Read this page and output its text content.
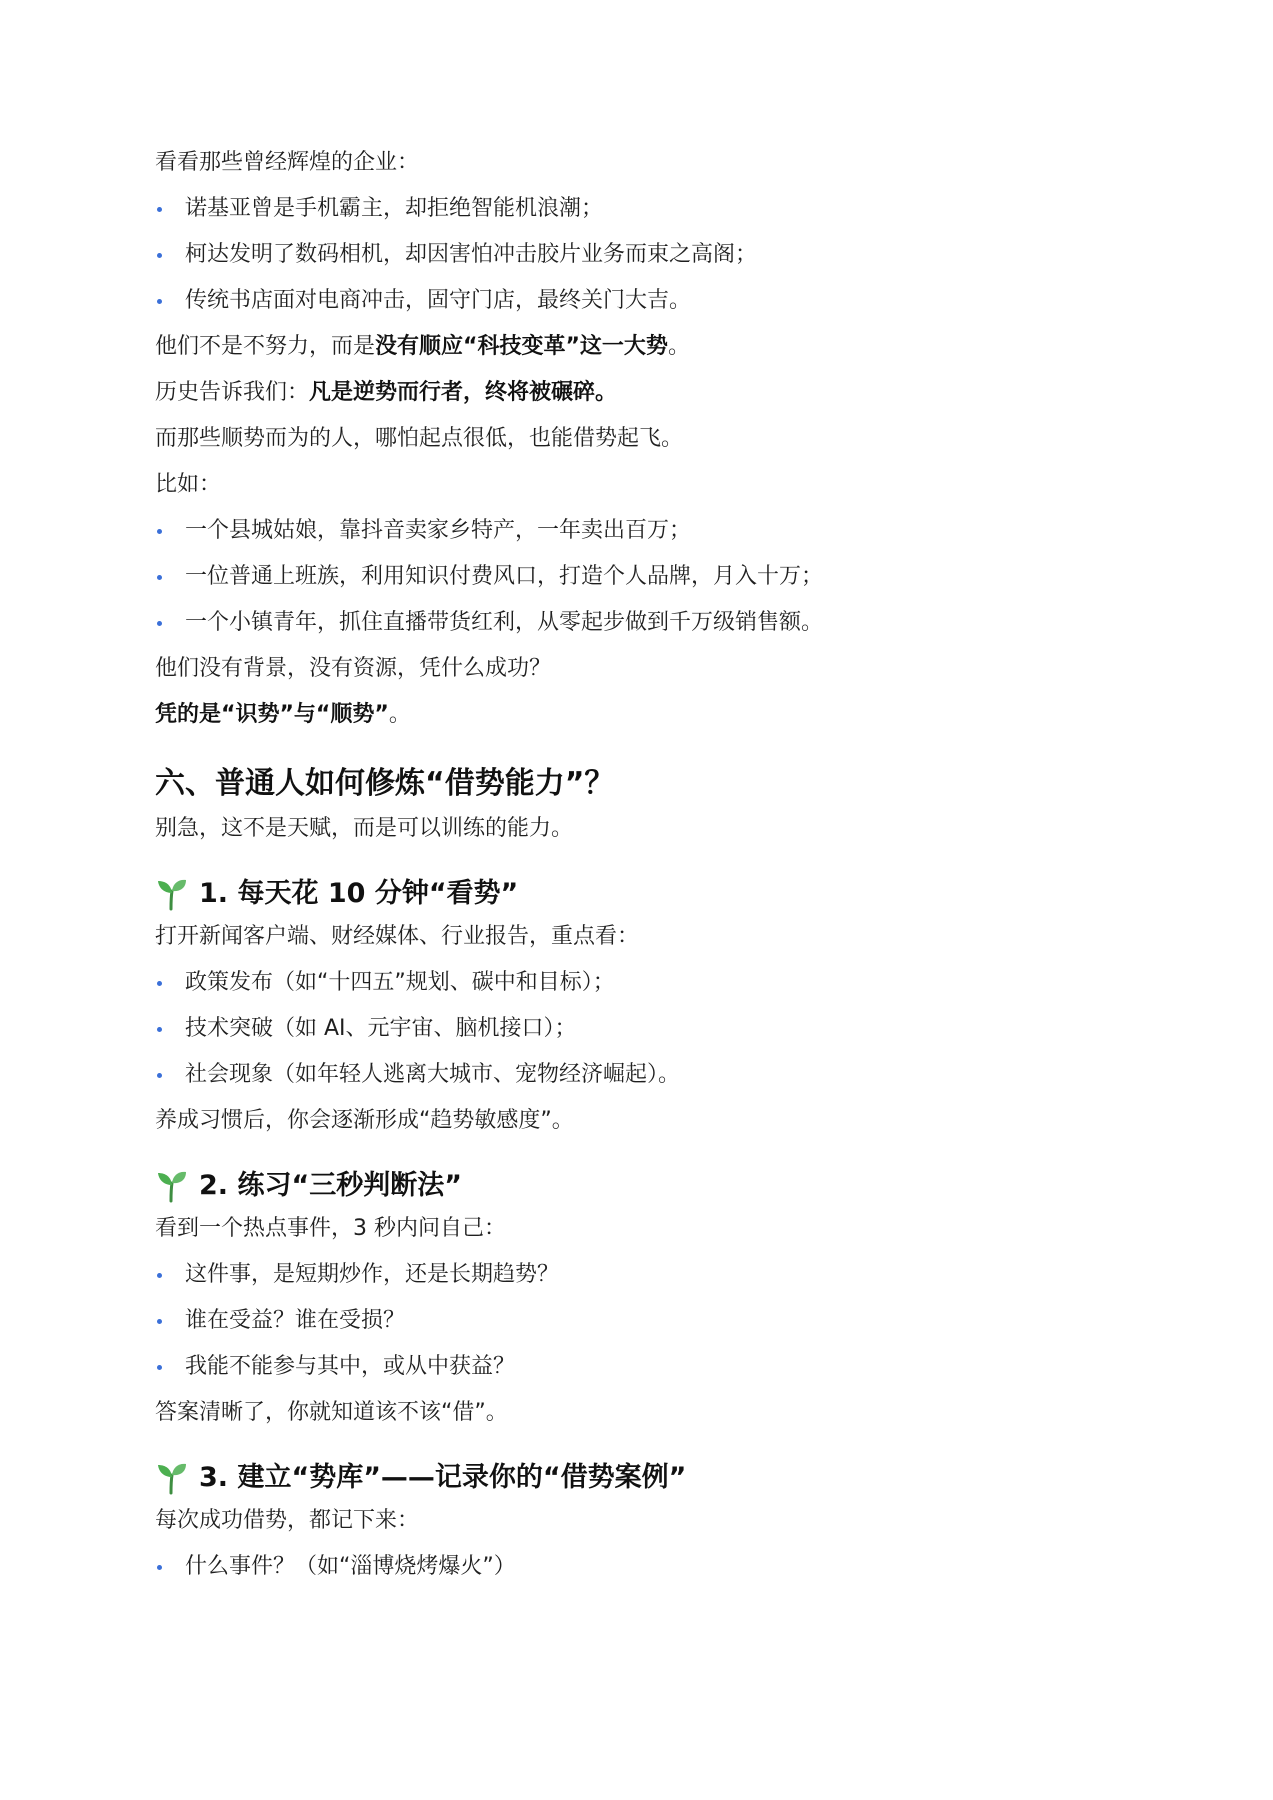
看看那些曾经辉煌的企业：

诺基亚曾是手机霸主，却拒绝智能机浪潮；

柯达发明了数码相机，却因害怕冲击胶片业务而束之高阁；

传统书店面对电商冲击，固守门店，最终关门大吉。

他们不是不努力，而是没有顺应“科技变革”这一大势。

历史告诉我们：凡是逆势而行者，终将被碾碎。

而那些顺势而为的人，哪怕起点很低，也能借势起飞。

比如：

一个县城姑娘，靠抖音卖家乡特产，一年卖出百万；

一位普通上班族，利用知识付费风口，打造个人品牌，月入十万；

一个小镇青年，抓住直播带货红利，从零起步做到千万级销售额。

他们没有背景，没有资源，凭什么成功？

凭的是“识势”与“顺势”。

六、普通人如何修炼“借势能力”？

别急，这不是天赋，而是可以训练的能力。

1. 每天花 10 分钟“看势”

打开新闻客户端、财经媒体、行业报告，重点看：

政策发布（如“十四五”规划、碳中和目标）；

技术突破（如 AI、元宇宙、脑机接口）；

社会现象（如年轻人逃离大城市、宠物经济崛起）。

养成习惯后，你会逐渐形成“趋势敏感度”。

2. 练习“三秒判断法”

看到一个热点事件，3 秒内问自己：

这件事，是短期炒作，还是长期趋势？

谁在受益？谁在受损？

我能不能参与其中，或从中获益？

答案清晰了，你就知道该不该“借”。

3. 建立“势库”——记录你的“借势案例”

每次成功借势，都记下来：

什么事件？（如“淄博烧烤爆火”）
